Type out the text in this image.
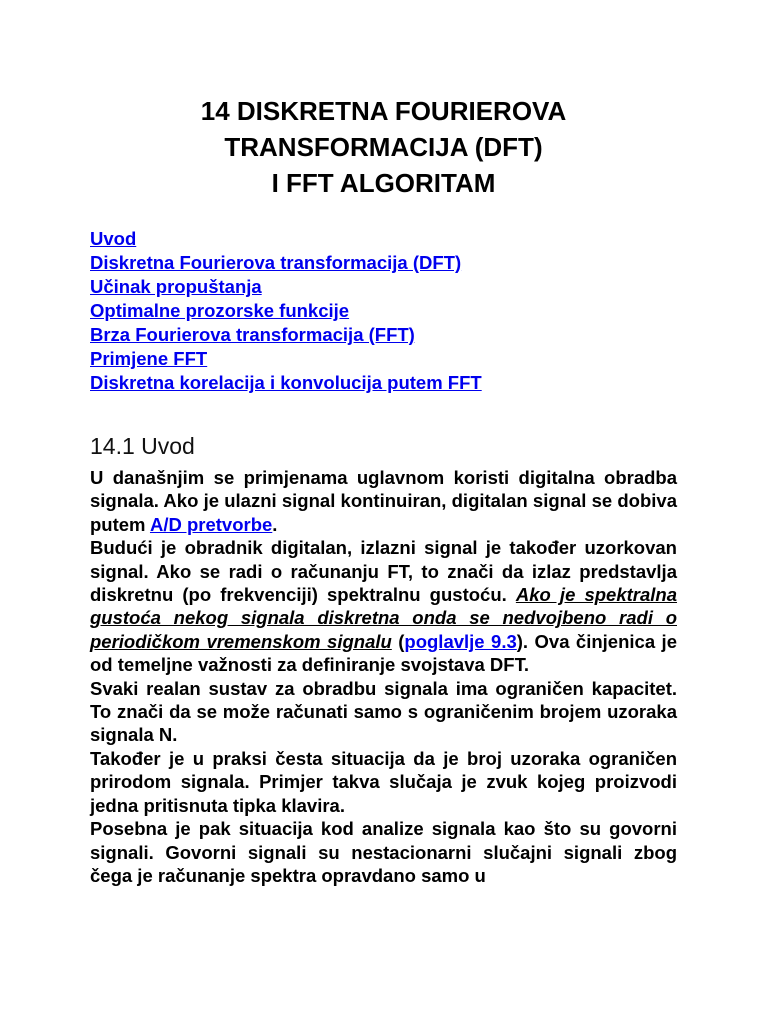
14 DISKRETNA FOURIEROVA
TRANSFORMACIJA (DFT)
I FFT ALGORITAM
Uvod
Diskretna Fourierova transformacija (DFT)
Učinak propuštanja
Optimalne prozorske funkcije
Brza Fourierova transformacija (FFT)
Primjene FFT
Diskretna korelacija i konvolucija putem FFT
14.1 Uvod

U današnjim se primjenama uglavnom koristi digitalna obradba signala. Ako je ulazni signal kontinuiran, digitalan signal se dobiva putem A/D pretvorbe.

Budući je obradnik digitalan, izlazni signal je također uzorkovan signal. Ako se radi o računanju FT, to znači da izlaz predstavlja diskretnu (po frekvenciji) spektralnu gustoću. Ako je spektralna gustoća nekog signala diskretna onda se nedvojbeno radi o periodičkom vremenskom signalu (poglavlje 9.3). Ova činjenica je od temeljne važnosti za definiranje svojstava DFT.

Svaki realan sustav za obradbu signala ima ograničen kapacitet. To znači da se može računati samo s ograničenim brojem uzoraka signala N.

Također je u praksi česta situacija da je broj uzoraka ograničen prirodom signala. Primjer takva slučaja je zvuk kojeg proizvodi jedna pritisnuta tipka klavira.

Posebna je pak situacija kod analize signala kao što su govorni signali. Govorni signali su nestacionarni slučajni signali zbog čega je računanje spektra opravdano samo u
